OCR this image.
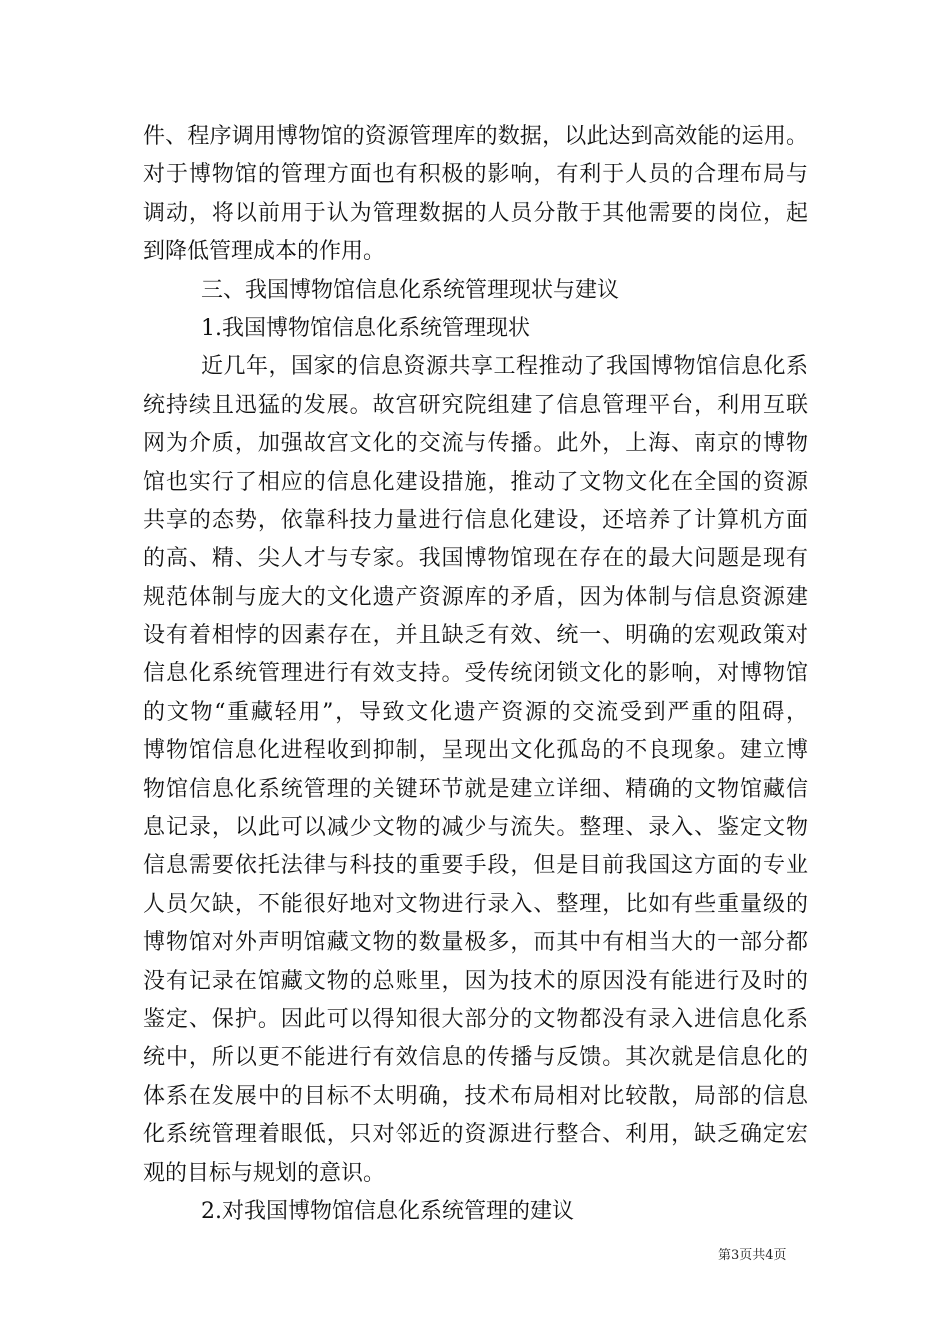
件、程序调用博物馆的资源管理库的数据，以此达到高效能的运用。
对于博物馆的管理方面也有积极的影响，有利于人员的合理布局与
调动，将以前用于认为管理数据的人员分散于其他需要的岗位，起
到降低管理成本的作用。
三、我国博物馆信息化系统管理现状与建议
1.我国博物馆信息化系统管理现状
近几年，国家的信息资源共享工程推动了我国博物馆信息化系
统持续且迅猛的发展。故宫研究院组建了信息管理平台，利用互联
网为介质，加强故宫文化的交流与传播。此外，上海、南京的博物
馆也实行了相应的信息化建设措施，推动了文物文化在全国的资源
共享的态势，依靠科技力量进行信息化建设，还培养了计算机方面
的高、精、尖人才与专家。我国博物馆现在存在的最大问题是现有
规范体制与庞大的文化遗产资源库的矛盾，因为体制与信息资源建
设有着相悖的因素存在，并且缺乏有效、统一、明确的宏观政策对
信息化系统管理进行有效支持。受传统闭锁文化的影响，对博物馆
的文物“重藏轻用”，导致文化遗产资源的交流受到严重的阻碍，
博物馆信息化进程收到抑制，呈现出文化孤岛的不良现象。建立博
物馆信息化系统管理的关键环节就是建立详细、精确的文物馆藏信
息记录，以此可以减少文物的减少与流失。整理、录入、鉴定文物
信息需要依托法律与科技的重要手段，但是目前我国这方面的专业
人员欠缺，不能很好地对文物进行录入、整理，比如有些重量级的
博物馆对外声明馆藏文物的数量极多，而其中有相当大的一部分都
没有记录在馆藏文物的总账里，因为技术的原因没有能进行及时的
鉴定、保护。因此可以得知很大部分的文物都没有录入进信息化系
统中，所以更不能进行有效信息的传播与反馈。其次就是信息化的
体系在发展中的目标不太明确，技术布局相对比较散，局部的信息
化系统管理着眼低，只对邻近的资源进行整合、利用，缺乏确定宏
观的目标与规划的意识。
2.对我国博物馆信息化系统管理的建议
第3页共4页
